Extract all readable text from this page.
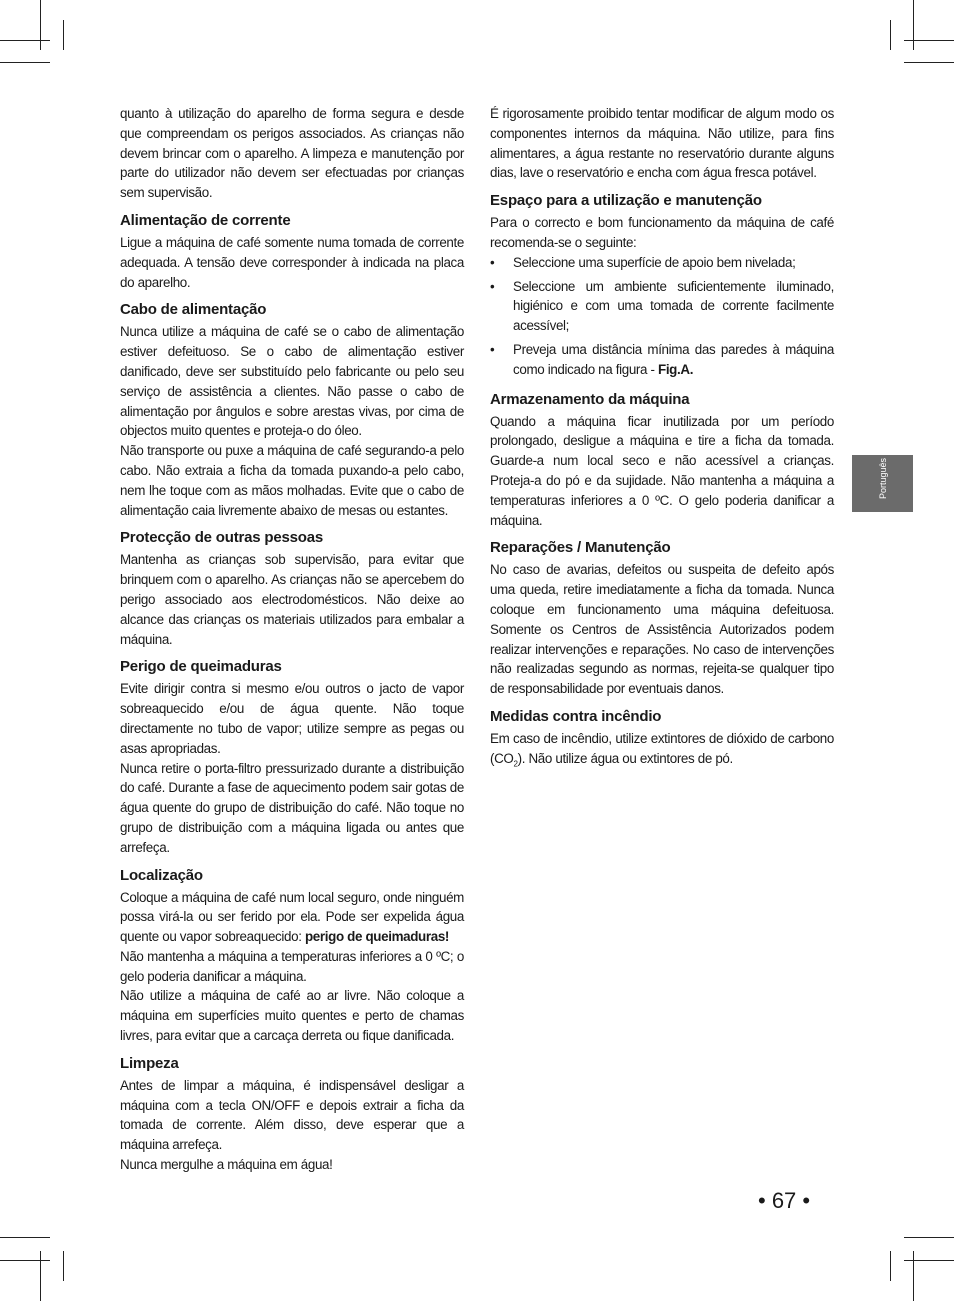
quanto à utilização do aparelho de forma segura e desde que compreendam os perigos associados. As crianças não devem brincar com o aparelho. A limpeza e manutenção por parte do utilizador não devem ser efectuadas por crianças sem supervisão.

Alimentação de corrente

Ligue a máquina de café somente numa tomada de corrente adequada. A tensão deve corresponder à indicada na placa do aparelho.

Cabo de alimentação

Nunca utilize a máquina de café se o cabo de alimentação estiver defeituoso. Se o cabo de alimentação estiver danificado, deve ser substituído pelo fabricante ou pelo seu serviço de assistência a clientes. Não passe o cabo de alimentação por ângulos e sobre arestas vivas, por cima de objectos muito quentes e proteja-o do óleo.

Não transporte ou puxe a máquina de café segurando-a pelo cabo. Não extraia a ficha da tomada puxando-a pelo cabo, nem lhe toque com as mãos molhadas. Evite que o cabo de alimentação caia livremente abaixo de mesas ou estantes.

Protecção de outras pessoas

Mantenha as crianças sob supervisão, para evitar que brinquem com o aparelho. As crianças não se apercebem do perigo associado aos electrodomésticos. Não deixe ao alcance das crianças os materiais utilizados para embalar a máquina.

Perigo de queimaduras

Evite dirigir contra si mesmo e/ou outros o jacto de vapor sobreaquecido e/ou de água quente. Não toque directamente no tubo de vapor; utilize sempre as pegas ou asas apropriadas.

Nunca retire o porta-filtro pressurizado durante a distribuição do café. Durante a fase de aquecimento podem sair gotas de água quente do grupo de distribuição do café. Não toque no grupo de distribuição com a máquina ligada ou antes que arrefeça.

Localização

Coloque a máquina de café num local seguro, onde ninguém possa virá-la ou ser ferido por ela. Pode ser expelida água quente ou vapor sobreaquecido: perigo de queimaduras!

Não mantenha a máquina a temperaturas inferiores a 0 ºC; o gelo poderia danificar a máquina.

Não utilize a máquina de café ao ar livre. Não coloque a máquina em superfícies muito quentes e perto de chamas livres, para evitar que a carcaça derreta ou fique danificada.

Limpeza

Antes de limpar a máquina, é indispensável desligar a máquina com a tecla ON/OFF e depois extrair a ficha da tomada de corrente. Além disso, deve esperar que a máquina arrefeça.

Nunca mergulhe a máquina em água!

É rigorosamente proibido tentar modificar de algum modo os componentes internos da máquina. Não utilize, para fins alimentares, a água restante no reservatório durante alguns dias, lave o reservatório e encha com água fresca potável.

Espaço para a utilização e manutenção

Para o correcto e bom funcionamento da máquina de café recomenda-se o seguinte:

• Seleccione uma superfície de apoio bem nivelada;
• Seleccione um ambiente suficientemente iluminado, higiénico e com uma tomada de corrente facilmente acessível;
• Preveja uma distância mínima das paredes à máquina como indicado na figura - Fig.A.
Armazenamento da máquina

Quando a máquina ficar inutilizada por um período prolongado, desligue a máquina e tire a ficha da tomada. Guarde-a num local seco e não acessível a crianças. Proteja-a do pó e da sujidade. Não mantenha a máquina a temperaturas inferiores a 0 ºC. O gelo poderia danificar a máquina.

Reparações / Manutenção

No caso de avarias, defeitos ou suspeita de defeito após uma queda, retire imediatamente a ficha da tomada. Nunca coloque em funcionamento uma máquina defeituosa. Somente os Centros de Assistência Autorizados podem realizar intervenções e reparações. No caso de intervenções não realizadas segundo as normas, rejeita-se qualquer tipo de responsabilidade por eventuais danos.

Medidas contra incêndio

Em caso de incêndio, utilize extintores de dióxido de carbono $(CO_2)$. Não utilize água ou extintores de pó.

Português
• 67 •
